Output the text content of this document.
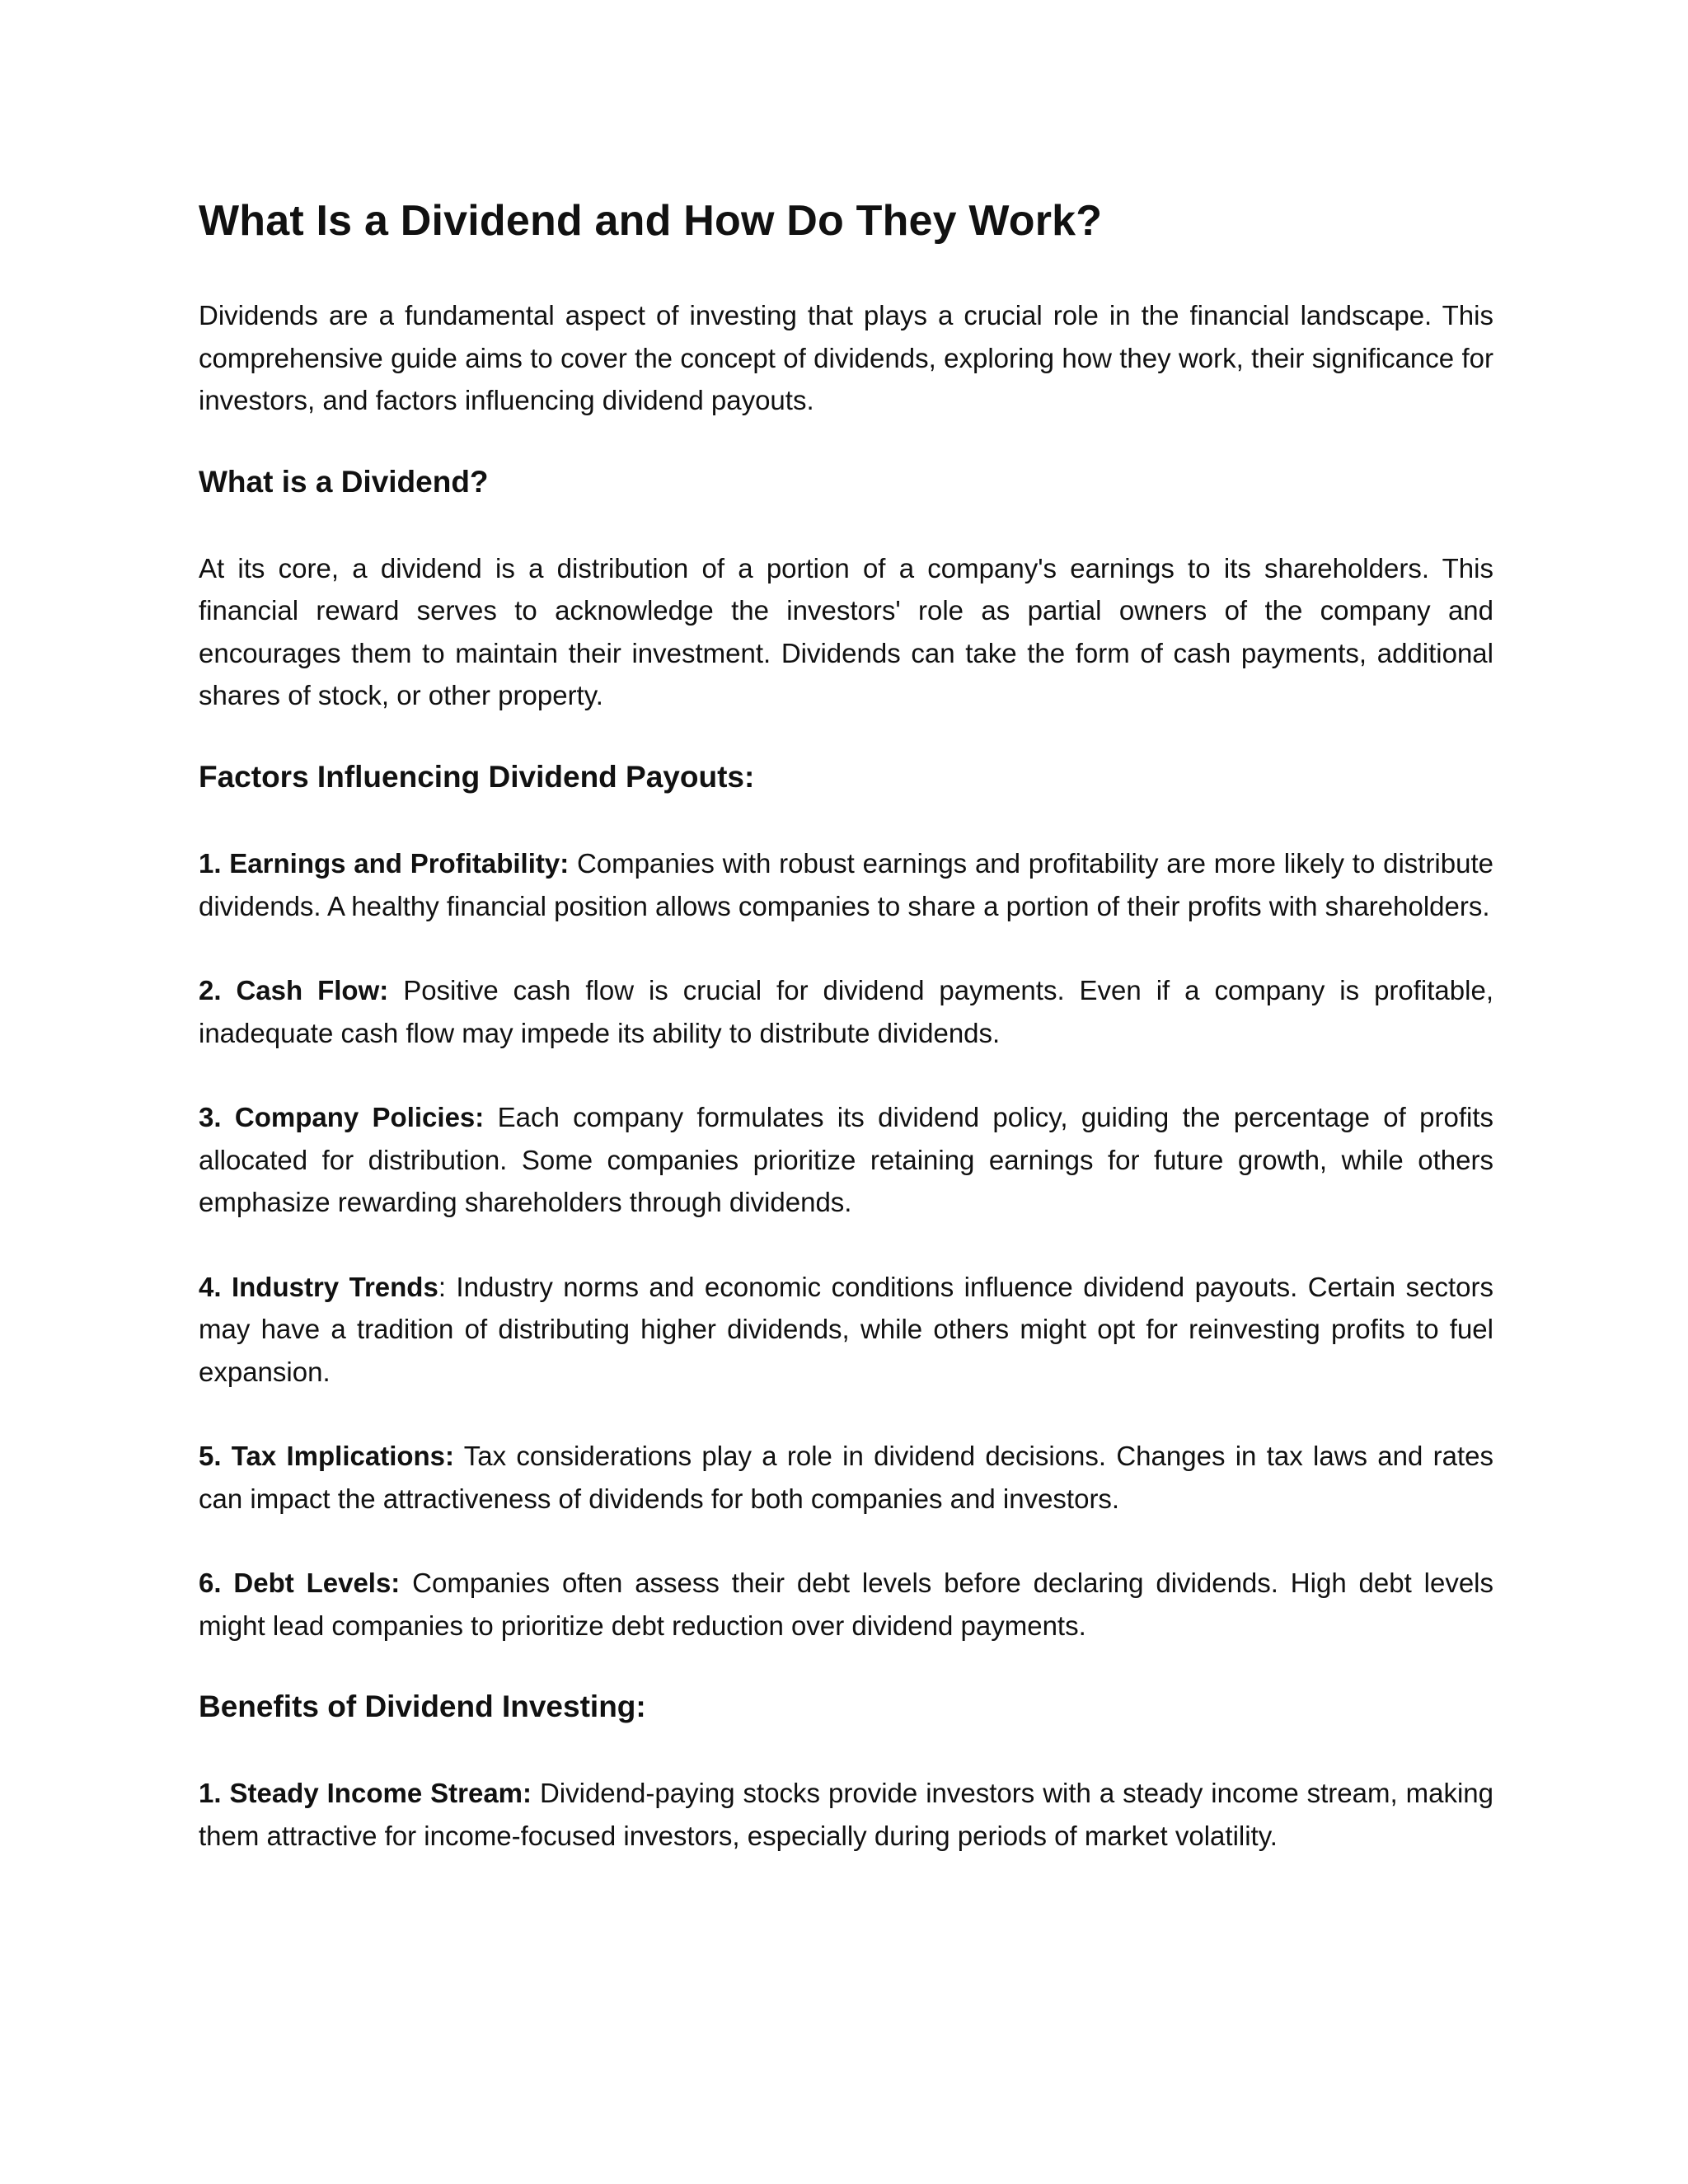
What Is a Dividend and How Do They Work?

Dividends are a fundamental aspect of investing that plays a crucial role in the financial landscape. This comprehensive guide aims to cover the concept of dividends, exploring how they work, their significance for investors, and factors influencing dividend payouts.

What is a Dividend?

At its core, a dividend is a distribution of a portion of a company's earnings to its shareholders. This financial reward serves to acknowledge the investors' role as partial owners of the company and encourages them to maintain their investment. Dividends can take the form of cash payments, additional shares of stock, or other property.

Factors Influencing Dividend Payouts:

1. Earnings and Profitability: Companies with robust earnings and profitability are more likely to distribute dividends. A healthy financial position allows companies to share a portion of their profits with shareholders.

2. Cash Flow: Positive cash flow is crucial for dividend payments. Even if a company is profitable, inadequate cash flow may impede its ability to distribute dividends.

3. Company Policies: Each company formulates its dividend policy, guiding the percentage of profits allocated for distribution. Some companies prioritize retaining earnings for future growth, while others emphasize rewarding shareholders through dividends.

4. Industry Trends: Industry norms and economic conditions influence dividend payouts. Certain sectors may have a tradition of distributing higher dividends, while others might opt for reinvesting profits to fuel expansion.

5. Tax Implications: Tax considerations play a role in dividend decisions. Changes in tax laws and rates can impact the attractiveness of dividends for both companies and investors.

6. Debt Levels: Companies often assess their debt levels before declaring dividends. High debt levels might lead companies to prioritize debt reduction over dividend payments.

Benefits of Dividend Investing:

1. Steady Income Stream: Dividend-paying stocks provide investors with a steady income stream, making them attractive for income-focused investors, especially during periods of market volatility.
